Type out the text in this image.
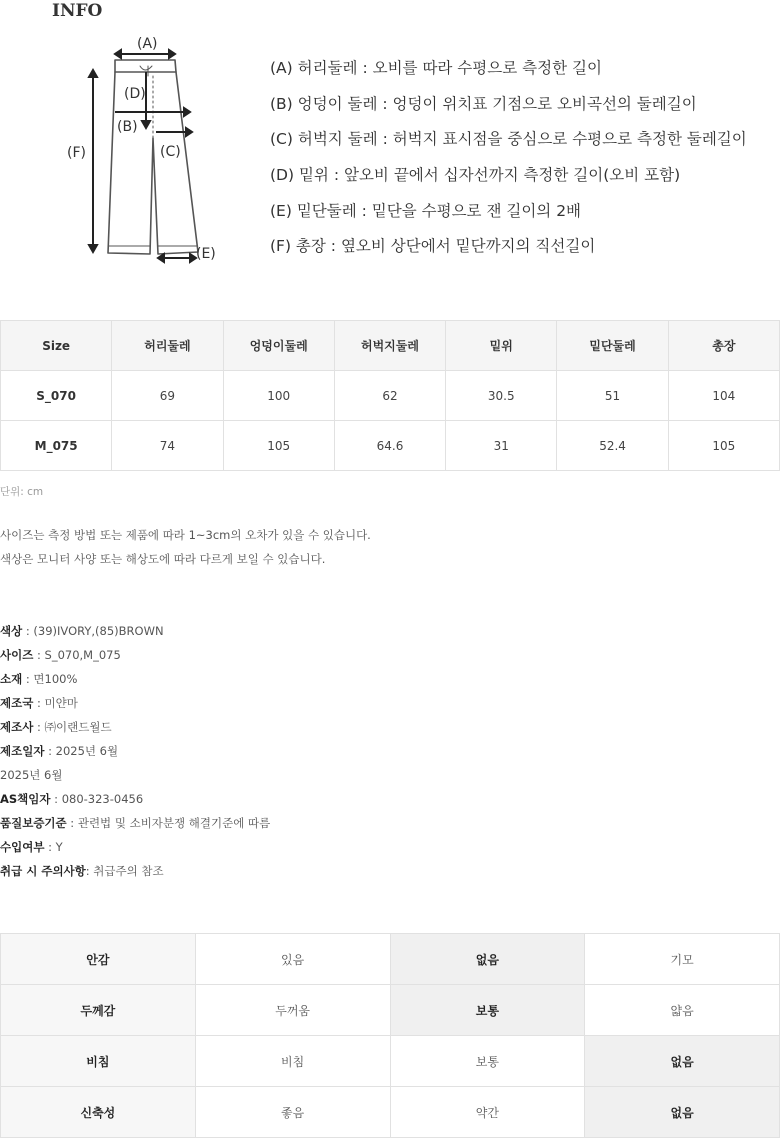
INFO
(A)
(D)
(B)
(C)
(F)
(E)
(A) 허리둘레 : 오비를 따라 수평으로 측정한 길이
(B) 엉덩이 둘레 : 엉덩이 위치표 기점으로 오비곡선의 둘레길이
(C) 허벅지 둘레 : 허벅지 표시점을 중심으로 수평으로 측정한 둘레길이
(D) 밑위 : 앞오비 끝에서 십자선까지 측정한 길이(오비 포함)
(E) 밑단둘레 : 밑단을 수평으로 잰 길이의 2배
(F) 총장 : 옆오비 상단에서 밑단까지의 직선길이
Size	허리둘레	엉덩이둘레	허벅지둘레	밑위	밑단둘레	총장
S_070	69	100	62	30.5	51	104
M_075	74	105	64.6	31	52.4	105

단위: cm

사이즈는 측정 방법 또는 제품에 따라 1~3cm의 오차가 있을 수 있습니다.

색상은 모니터 사양 또는 해상도에 따라 다르게 보일 수 있습니다.

색상 : (39)IVORY,(85)BROWN
사이즈 : S_070,M_075
소재 : 면100%
제조국 : 미얀마
제조사 : ㈜이랜드월드
제조일자 : 2025년 6월
2025년 6월
AS책임자 : 080-323-0456
품질보증기준 : 관련법 및 소비자분쟁 해결기준에 따름
수입여부 : Y
취급 시 주의사항: 취급주의 참조
안감	있음	없음	기모
두께감	두꺼움	보통	얇음
비침	비침	보통	없음
신축성	좋음	약간	없음
